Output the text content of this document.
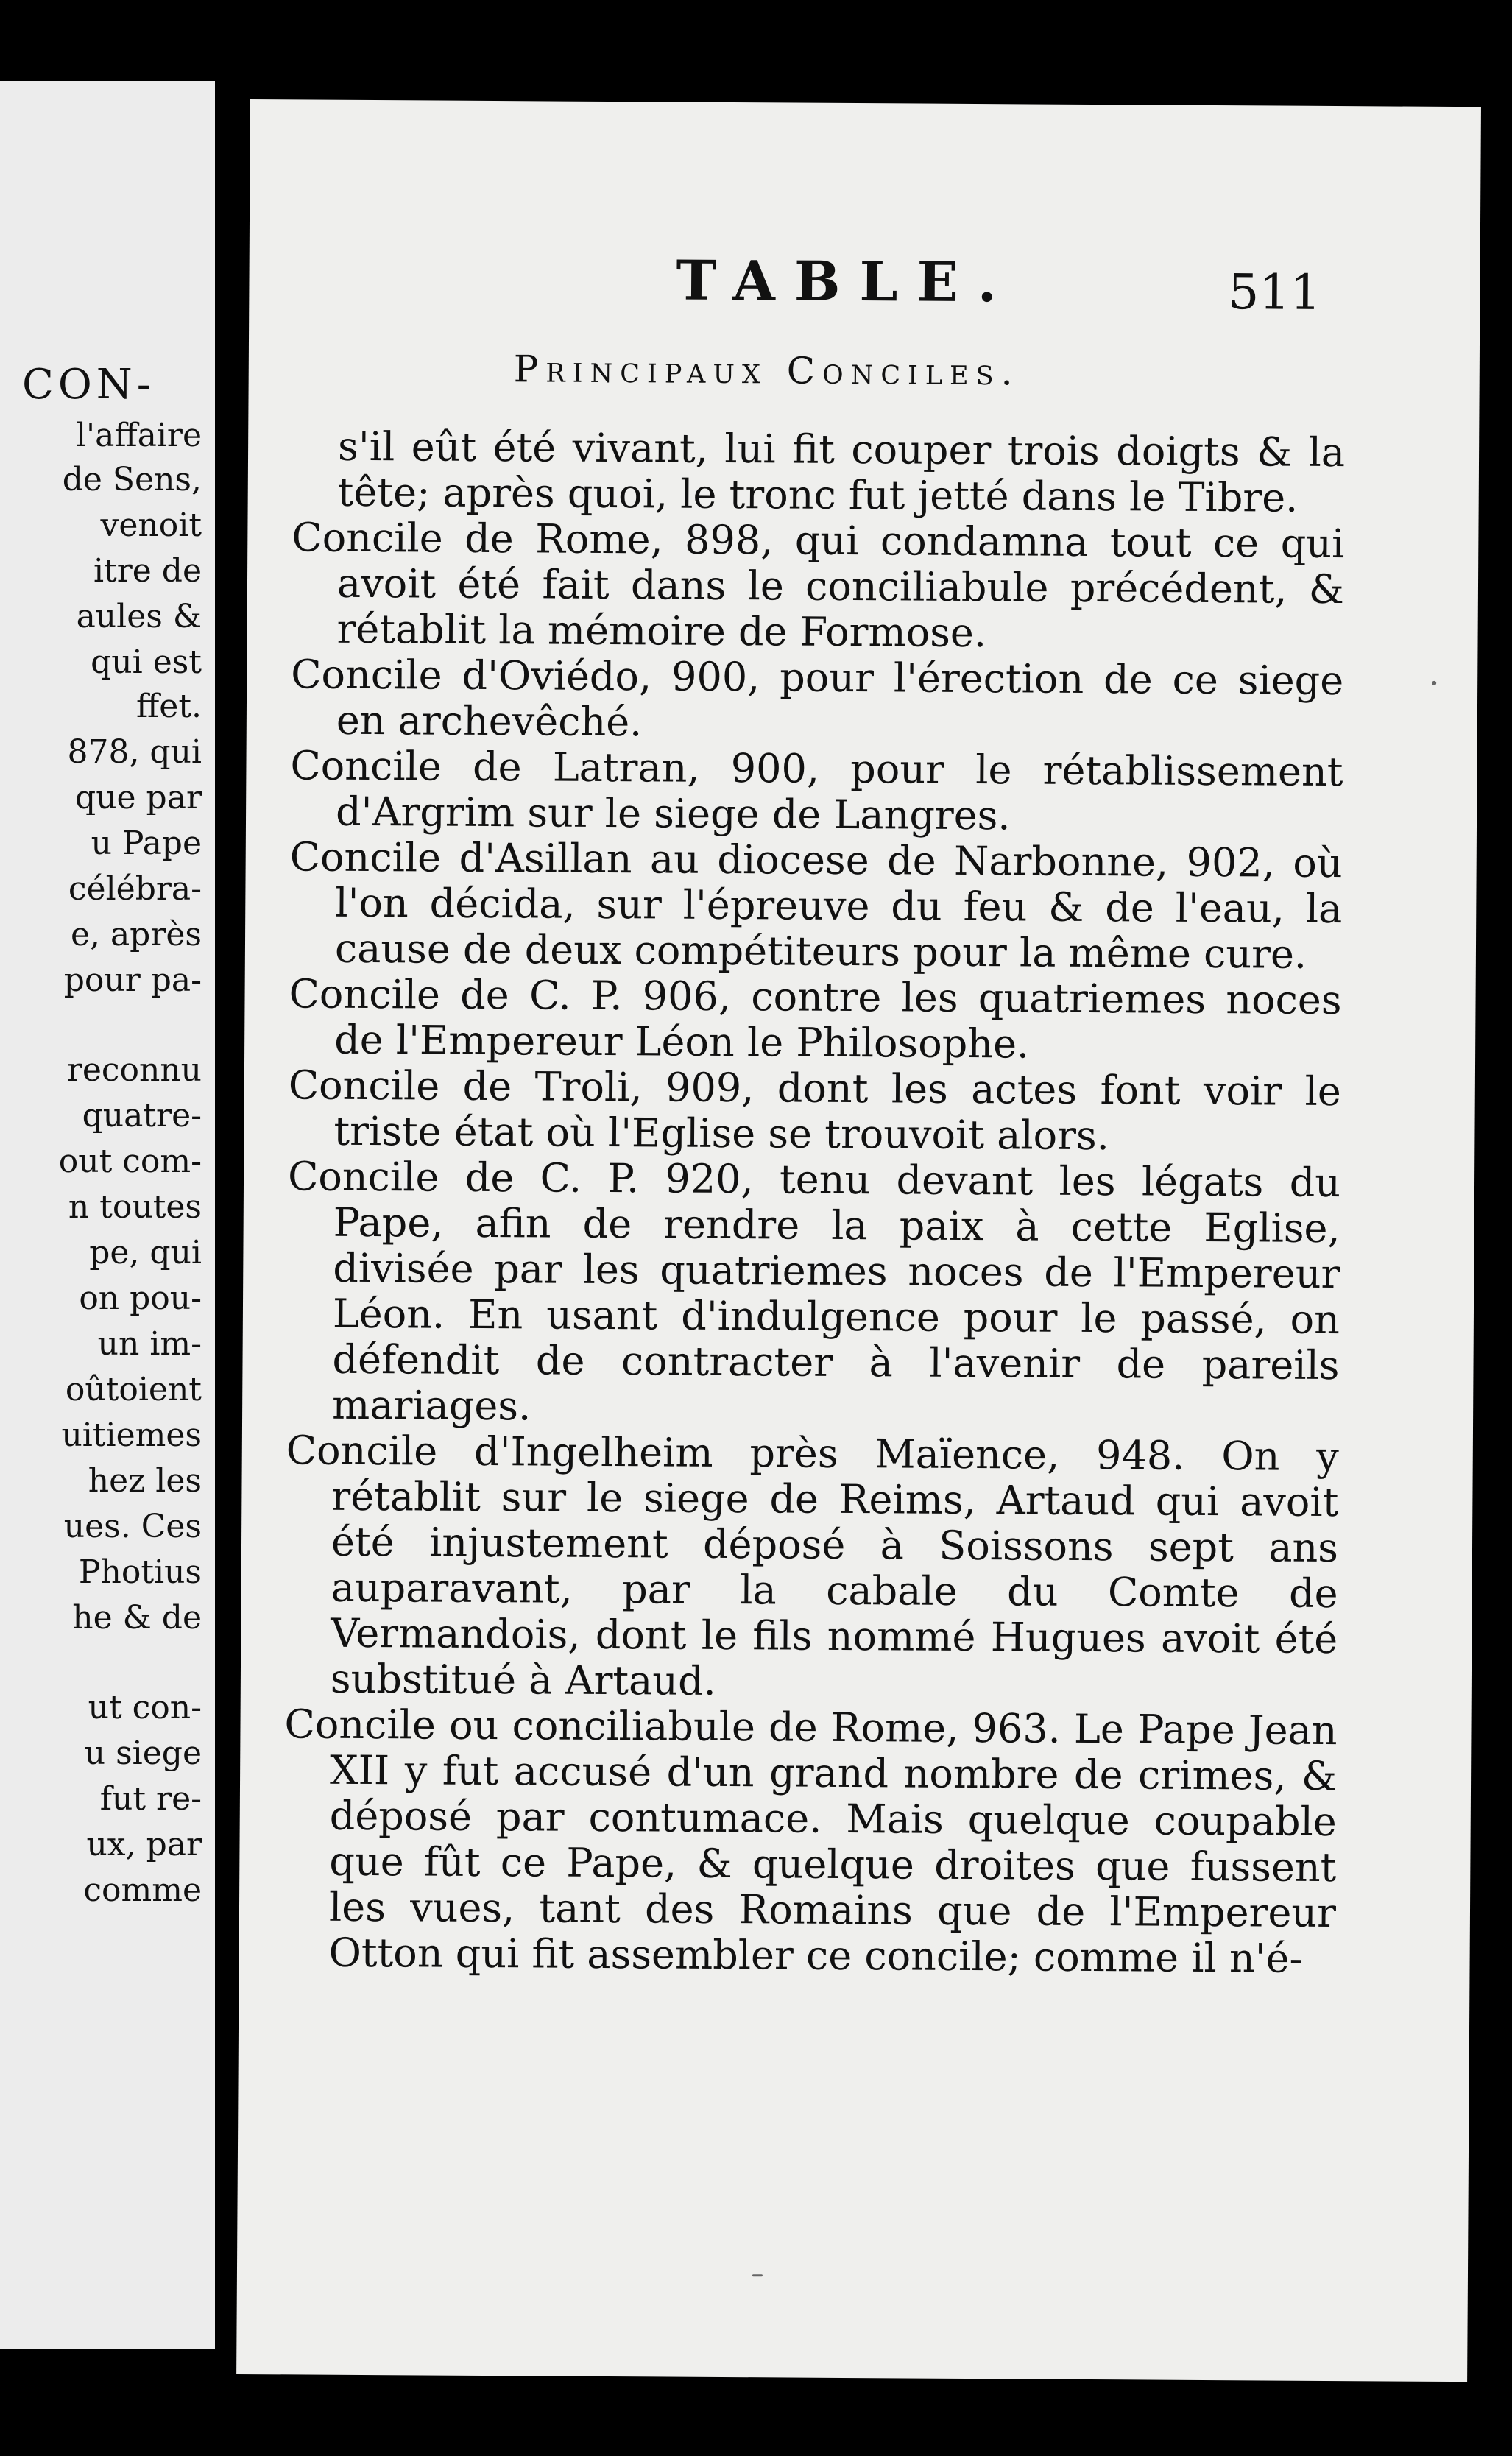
CON-
l'affaire
de Sens,
venoit
itre de
aules &
qui est
ffet.
878, qui
que par
u Pape
célébra-
e, après
pour pa-
reconnu
quatre-
out com-
n toutes
pe, qui
on pou-
un im-
oûtoient
uitiemes
hez les
ues. Ces
Photius
he & de
ut con-
u siege
fut re-
ux, par
comme
TABLE.	511
Principaux Conciles.

s'il eût été vivant, lui fit couper trois doigts & la tête; après quoi, le tronc fut jetté dans le Tibre.

Concile de Rome, 898, qui condamna tout ce qui avoit été fait dans le conciliabule précédent, & rétablit la mémoire de Formose.

Concile d'Oviédo, 900, pour l'érection de ce siege en archevêché.

Concile de Latran, 900, pour le rétablissement d'Argrim sur le siege de Langres.

Concile d'Asillan au diocese de Narbonne, 902, où l'on décida, sur l'épreuve du feu & de l'eau, la cause de deux compétiteurs pour la même cure.

Concile de C. P. 906, contre les quatriemes noces de l'Empereur Léon le Philosophe.

Concile de Troli, 909, dont les actes font voir le triste état où l'Eglise se trouvoit alors.

Concile de C. P. 920, tenu devant les légats du Pape, afin de rendre la paix à cette Eglise, divisée par les quatriemes noces de l'Empereur Léon. En usant d'indulgence pour le passé, on défendit de contracter à l'avenir de pareils mariages.

Concile d'Ingelheim près Maïence, 948. On y rétablit sur le siege de Reims, Artaud qui avoit été injustement déposé à Soissons sept ans auparavant, par la cabale du Comte de Vermandois, dont le fils nommé Hugues avoit été substitué à Artaud.

Concile ou conciliabule de Rome, 963. Le Pape Jean XII y fut accusé d'un grand nombre de crimes, & déposé par contumace. Mais quelque coupable que fût ce Pape, & quelque droites que fussent les vues, tant des Romains que de l'Empereur Otton qui fit assembler ce concile; comme il n'é-
